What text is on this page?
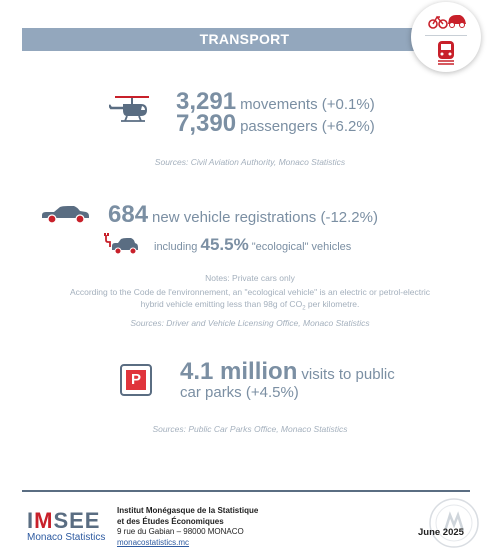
TRANSPORT
3,291 movements (+0.1%)
7,390 passengers (+6.2%)
Sources: Civil Aviation Authority, Monaco Statistics
684 new vehicle registrations (-12.2%)
including 45.5% "ecological" vehicles
Notes: Private cars only
According to the Code de l'environnement, an "ecological vehicle" is an electric or petrol-electric
hybrid vehicle emitting less than 98g of $CO_2$ per kilometre.
Sources: Driver and Vehicle Licensing Office, Monaco Statistics
P 4.1 million visits to public
car parks (+4.5%)
Sources: Public Car Parks Office, Monaco Statistics
IMSEE
Monaco Statistics
Institut Monégasque de la Statistique
et des Études Économiques
9 rue du Gabian – 98000 MONACO
monacostatistics.mc
June 2025
